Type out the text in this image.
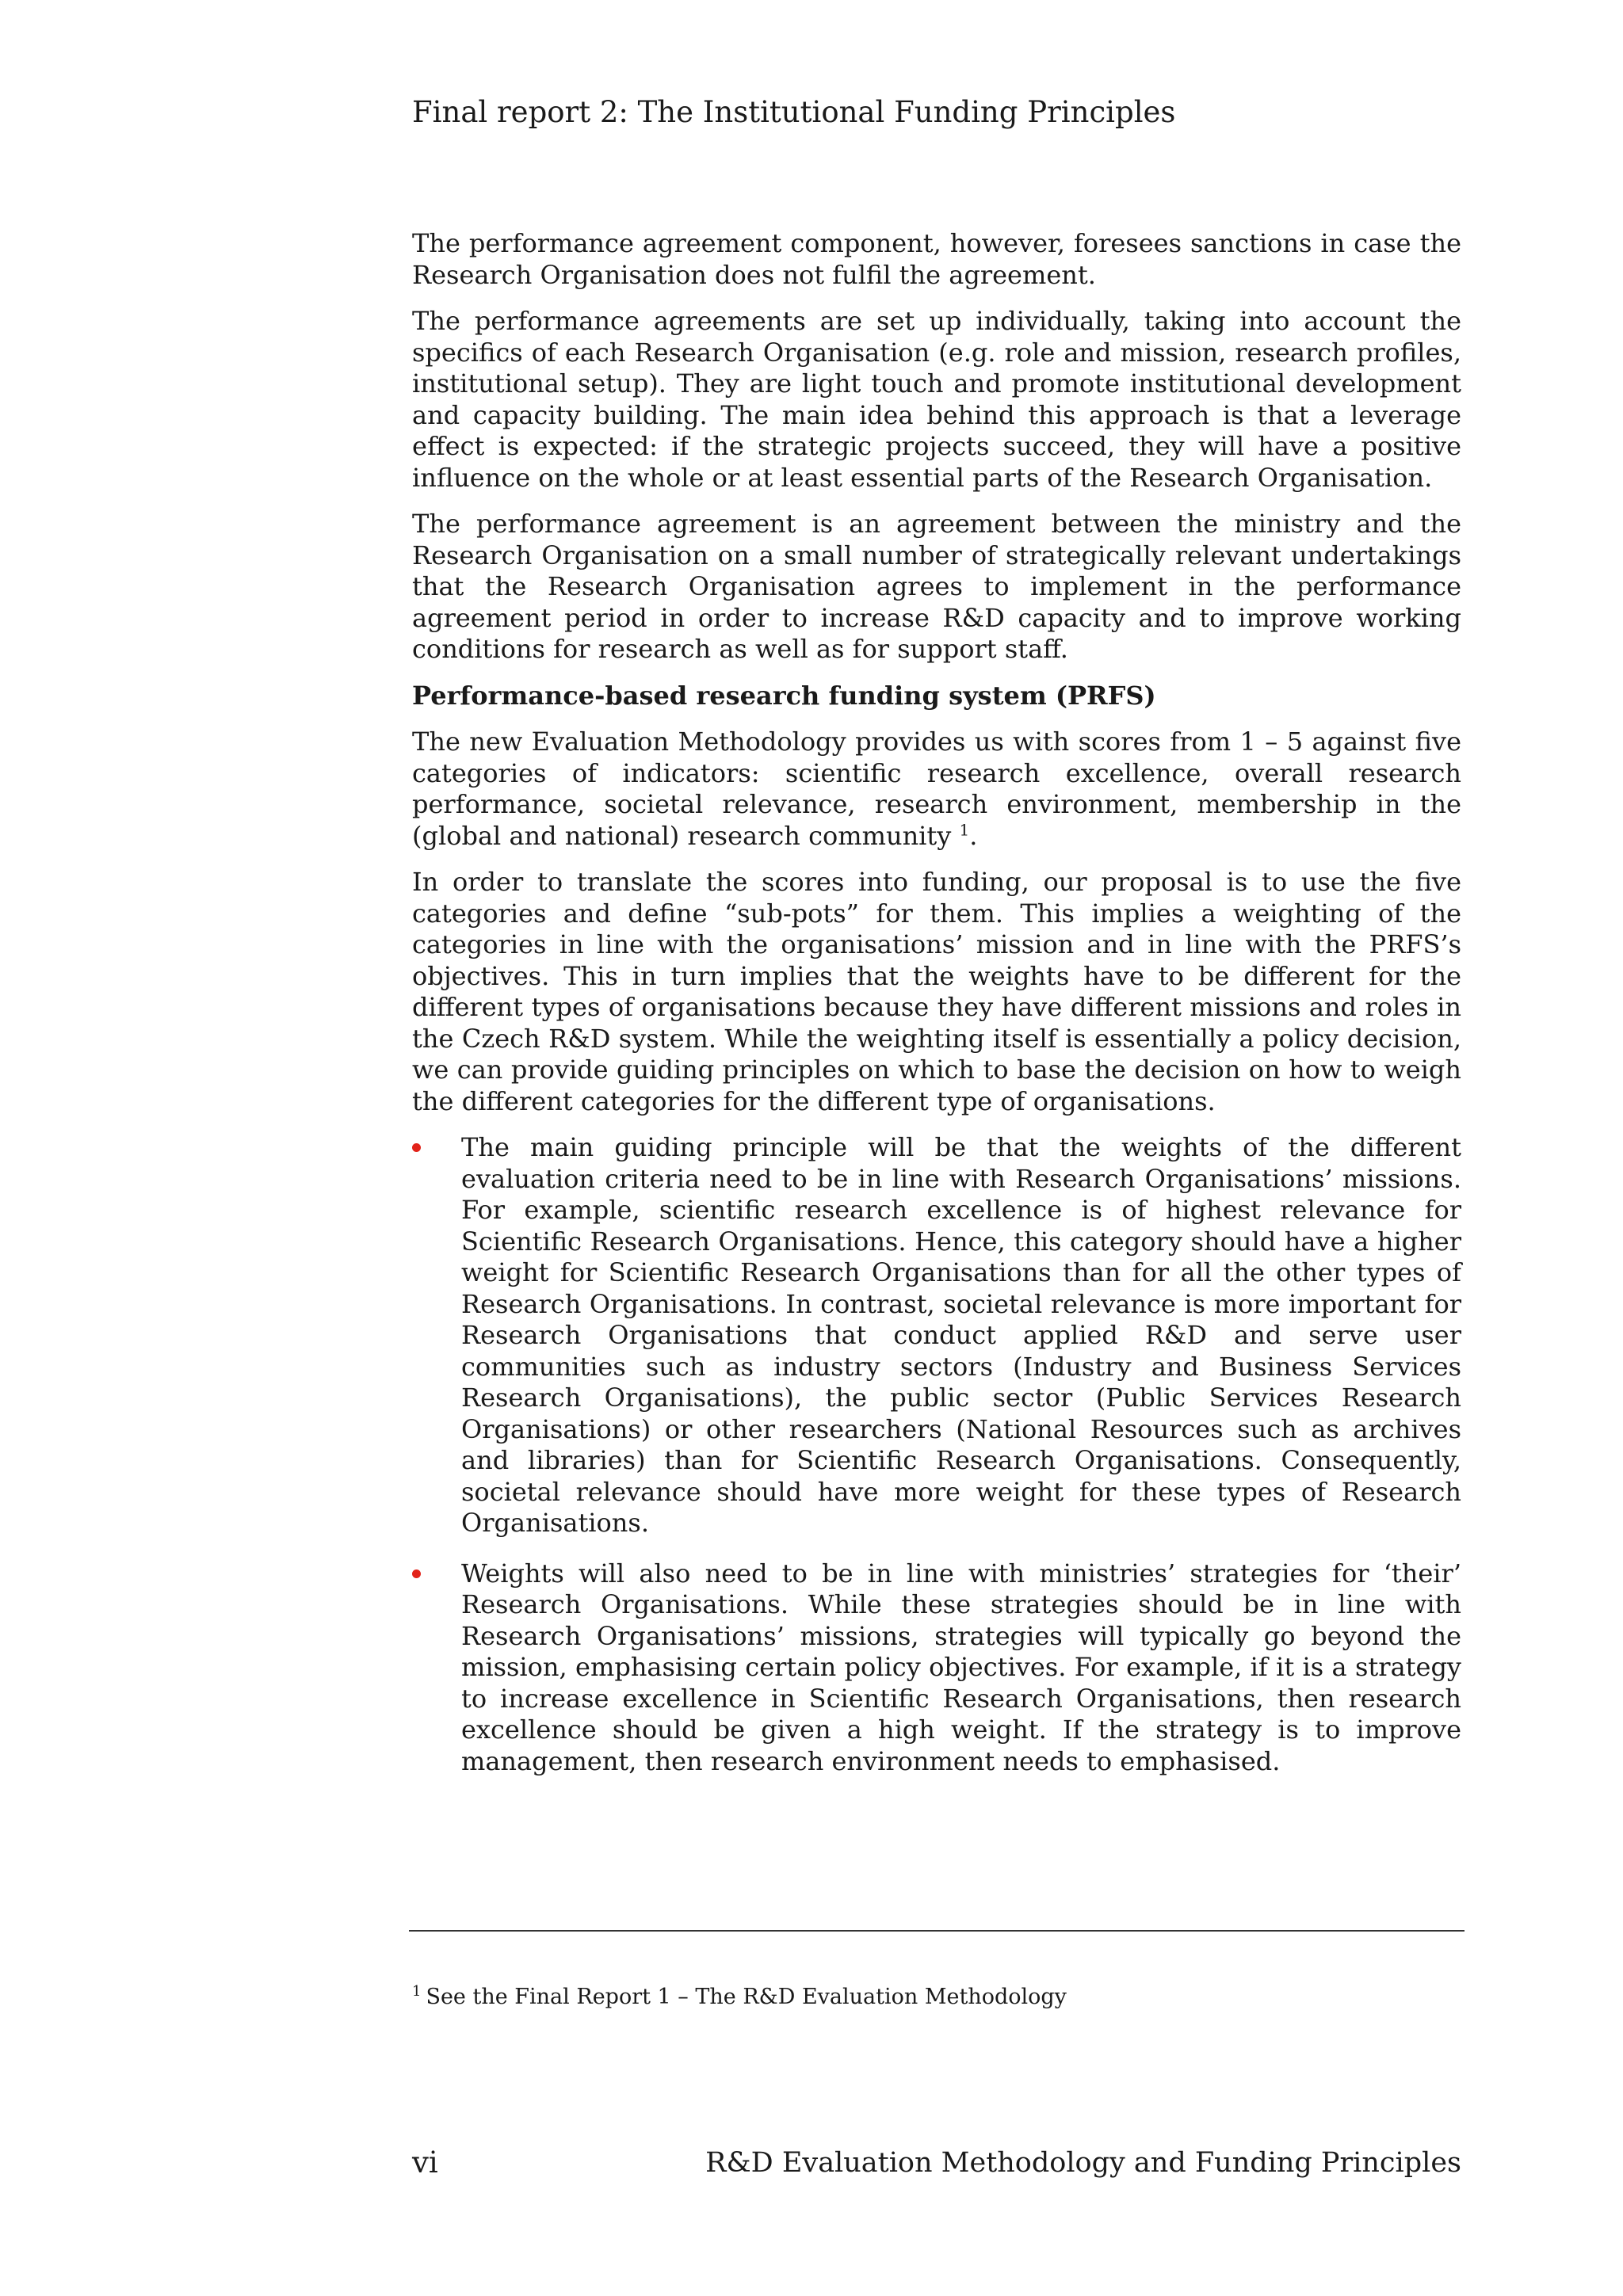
Final report 2: The Institutional Funding Principles

The performance agreement component, however, foresees sanctions in case the Research Organisation does not fulfil the agreement.

The performance agreements are set up individually, taking into account the specifics of each Research Organisation (e.g. role and mission, research profiles, institutional setup). They are light touch and promote institutional development and capacity building. The main idea behind this approach is that a leverage effect is expected: if the strategic projects succeed, they will have a positive influence on the whole or at least essential parts of the Research Organisation.

The performance agreement is an agreement between the ministry and the Research Organisation on a small number of strategically relevant undertakings that the Research Organisation agrees to implement in the performance agreement period in order to increase R&D capacity and to improve working conditions for research as well as for support staff.

Performance-based research funding system (PRFS)

The new Evaluation Methodology provides us with scores from 1 – 5 against five categories of indicators: scientific research excellence, overall research performance, societal relevance, research environment, membership in the (global and national) research community $^1$.

In order to translate the scores into funding, our proposal is to use the five categories and define “sub-pots” for them. This implies a weighting of the categories in line with the organisations’ mission and in line with the PRFS’s objectives. This in turn implies that the weights have to be different for the different types of organisations because they have different missions and roles in the Czech R&D system. While the weighting itself is essentially a policy decision, we can provide guiding principles on which to base the decision on how to weigh the different categories for the different type of organisations.

The main guiding principle will be that the weights of the different evaluation criteria need to be in line with Research Organisations’ missions. For example, scientific research excellence is of highest relevance for Scientific Research Organisations. Hence, this category should have a higher weight for Scientific Research Organisations than for all the other types of Research Organisations. In contrast, societal relevance is more important for Research Organisations that conduct applied R&D and serve user communities such as industry sectors (Industry and Business Services Research Organisations), the public sector (Public Services Research Organisations) or other researchers (National Resources such as archives and libraries) than for Scientific Research Organisations. Consequently, societal relevance should have more weight for these types of Research Organisations.
Weights will also need to be in line with ministries’ strategies for ‘their’ Research Organisations. While these strategies should be in line with Research Organisations’ missions, strategies will typically go beyond the mission, emphasising certain policy objectives. For example, if it is a strategy to increase excellence in Scientific Research Organisations, then research excellence should be given a high weight. If the strategy is to improve management, then research environment needs to emphasised.
$^1$ See the Final Report 1 – The R&D Evaluation Methodology
vi	R&D Evaluation Methodology and Funding Principles
